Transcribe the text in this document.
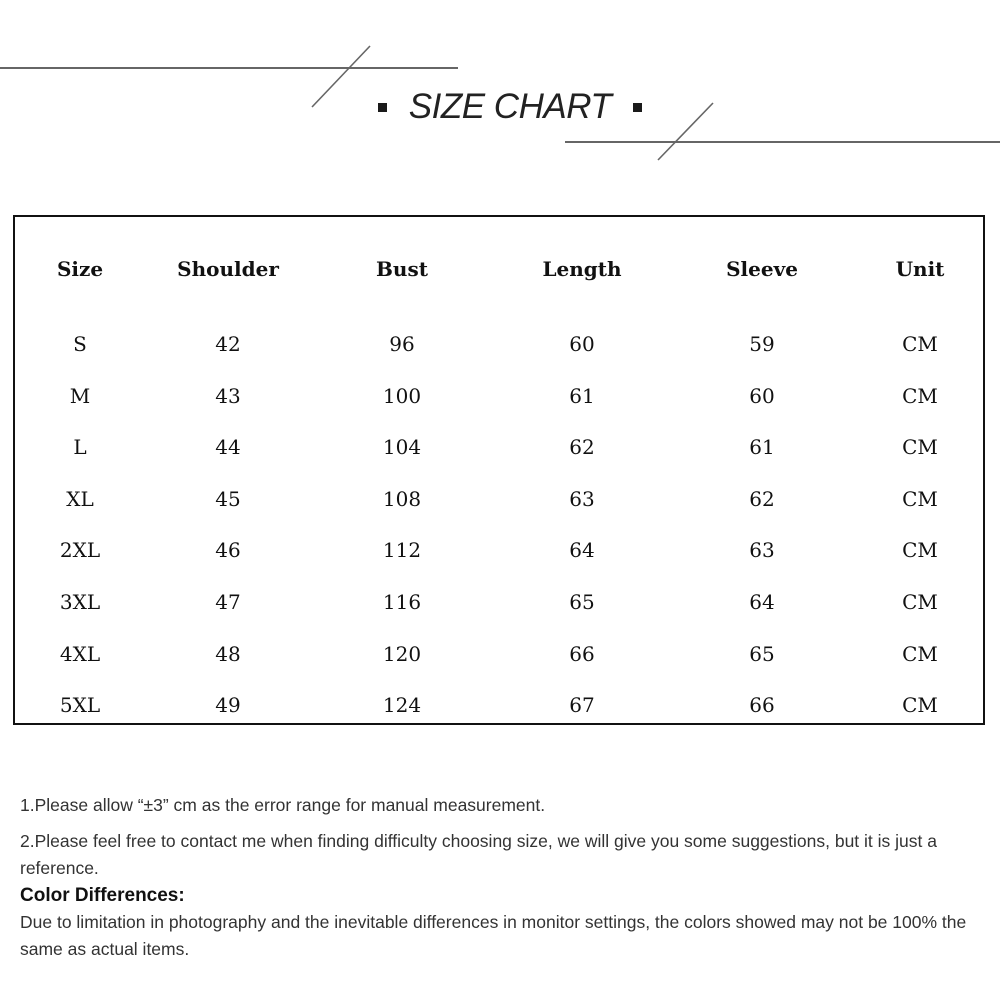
SIZE CHART
Size	Shoulder	Bust	Length	Sleeve	Unit
S	42	96	60	59	CM
M	43	100	61	60	CM
L	44	104	62	61	CM
XL	45	108	63	62	CM
2XL	46	112	64	63	CM
3XL	47	116	65	64	CM
4XL	48	120	66	65	CM
5XL	49	124	67	66	CM

1.Please allow “±3” cm as the error range for manual measurement.

2.Please feel free to contact me when finding difficulty choosing size, we will give you some suggestions, but it is just a reference.

Color Differences:

Due to limitation in photography and the inevitable differences in monitor settings, the colors showed may not be 100% the same as actual items.
